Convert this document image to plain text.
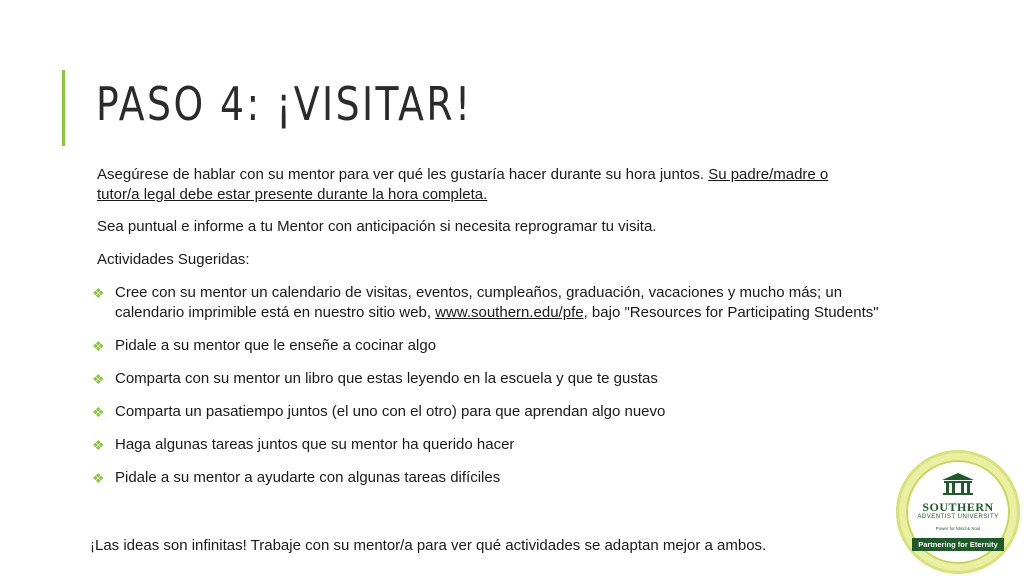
PASO 4: ¡VISITAR!
Asegúrese de hablar con su mentor para ver qué les gustaría hacer durante su hora juntos. Su padre/madre o tutor/a legal debe estar presente durante la hora completa.
Sea puntual e informe a tu Mentor con anticipación si necesita reprogramar tu visita.
Actividades Sugeridas:
❖ Cree con su mentor un calendario de visitas, eventos, cumpleaños, graduación, vacaciones y mucho más; un calendario imprimible está en nuestro sitio web, www.southern.edu/pfe, bajo "Resources for Participating Students"
❖ Pidale a su mentor que le enseñe a cocinar algo
❖ Comparta con su mentor un libro que estas leyendo en la escuela y que te gustas
❖ Comparta un pasatiempo juntos (el uno con el otro) para que aprendan algo nuevo
❖ Haga algunas tareas juntos que su mentor ha querido hacer
❖ Pidale a su mentor a ayudarte con algunas tareas difíciles
¡Las ideas son infinitas! Trabaje con su mentor/a para ver qué actividades se adaptan mejor a ambos.
SOUTHERN
ADVENTIST UNIVERSITY
Power for Mind & Soul
Partnering for Eternity
